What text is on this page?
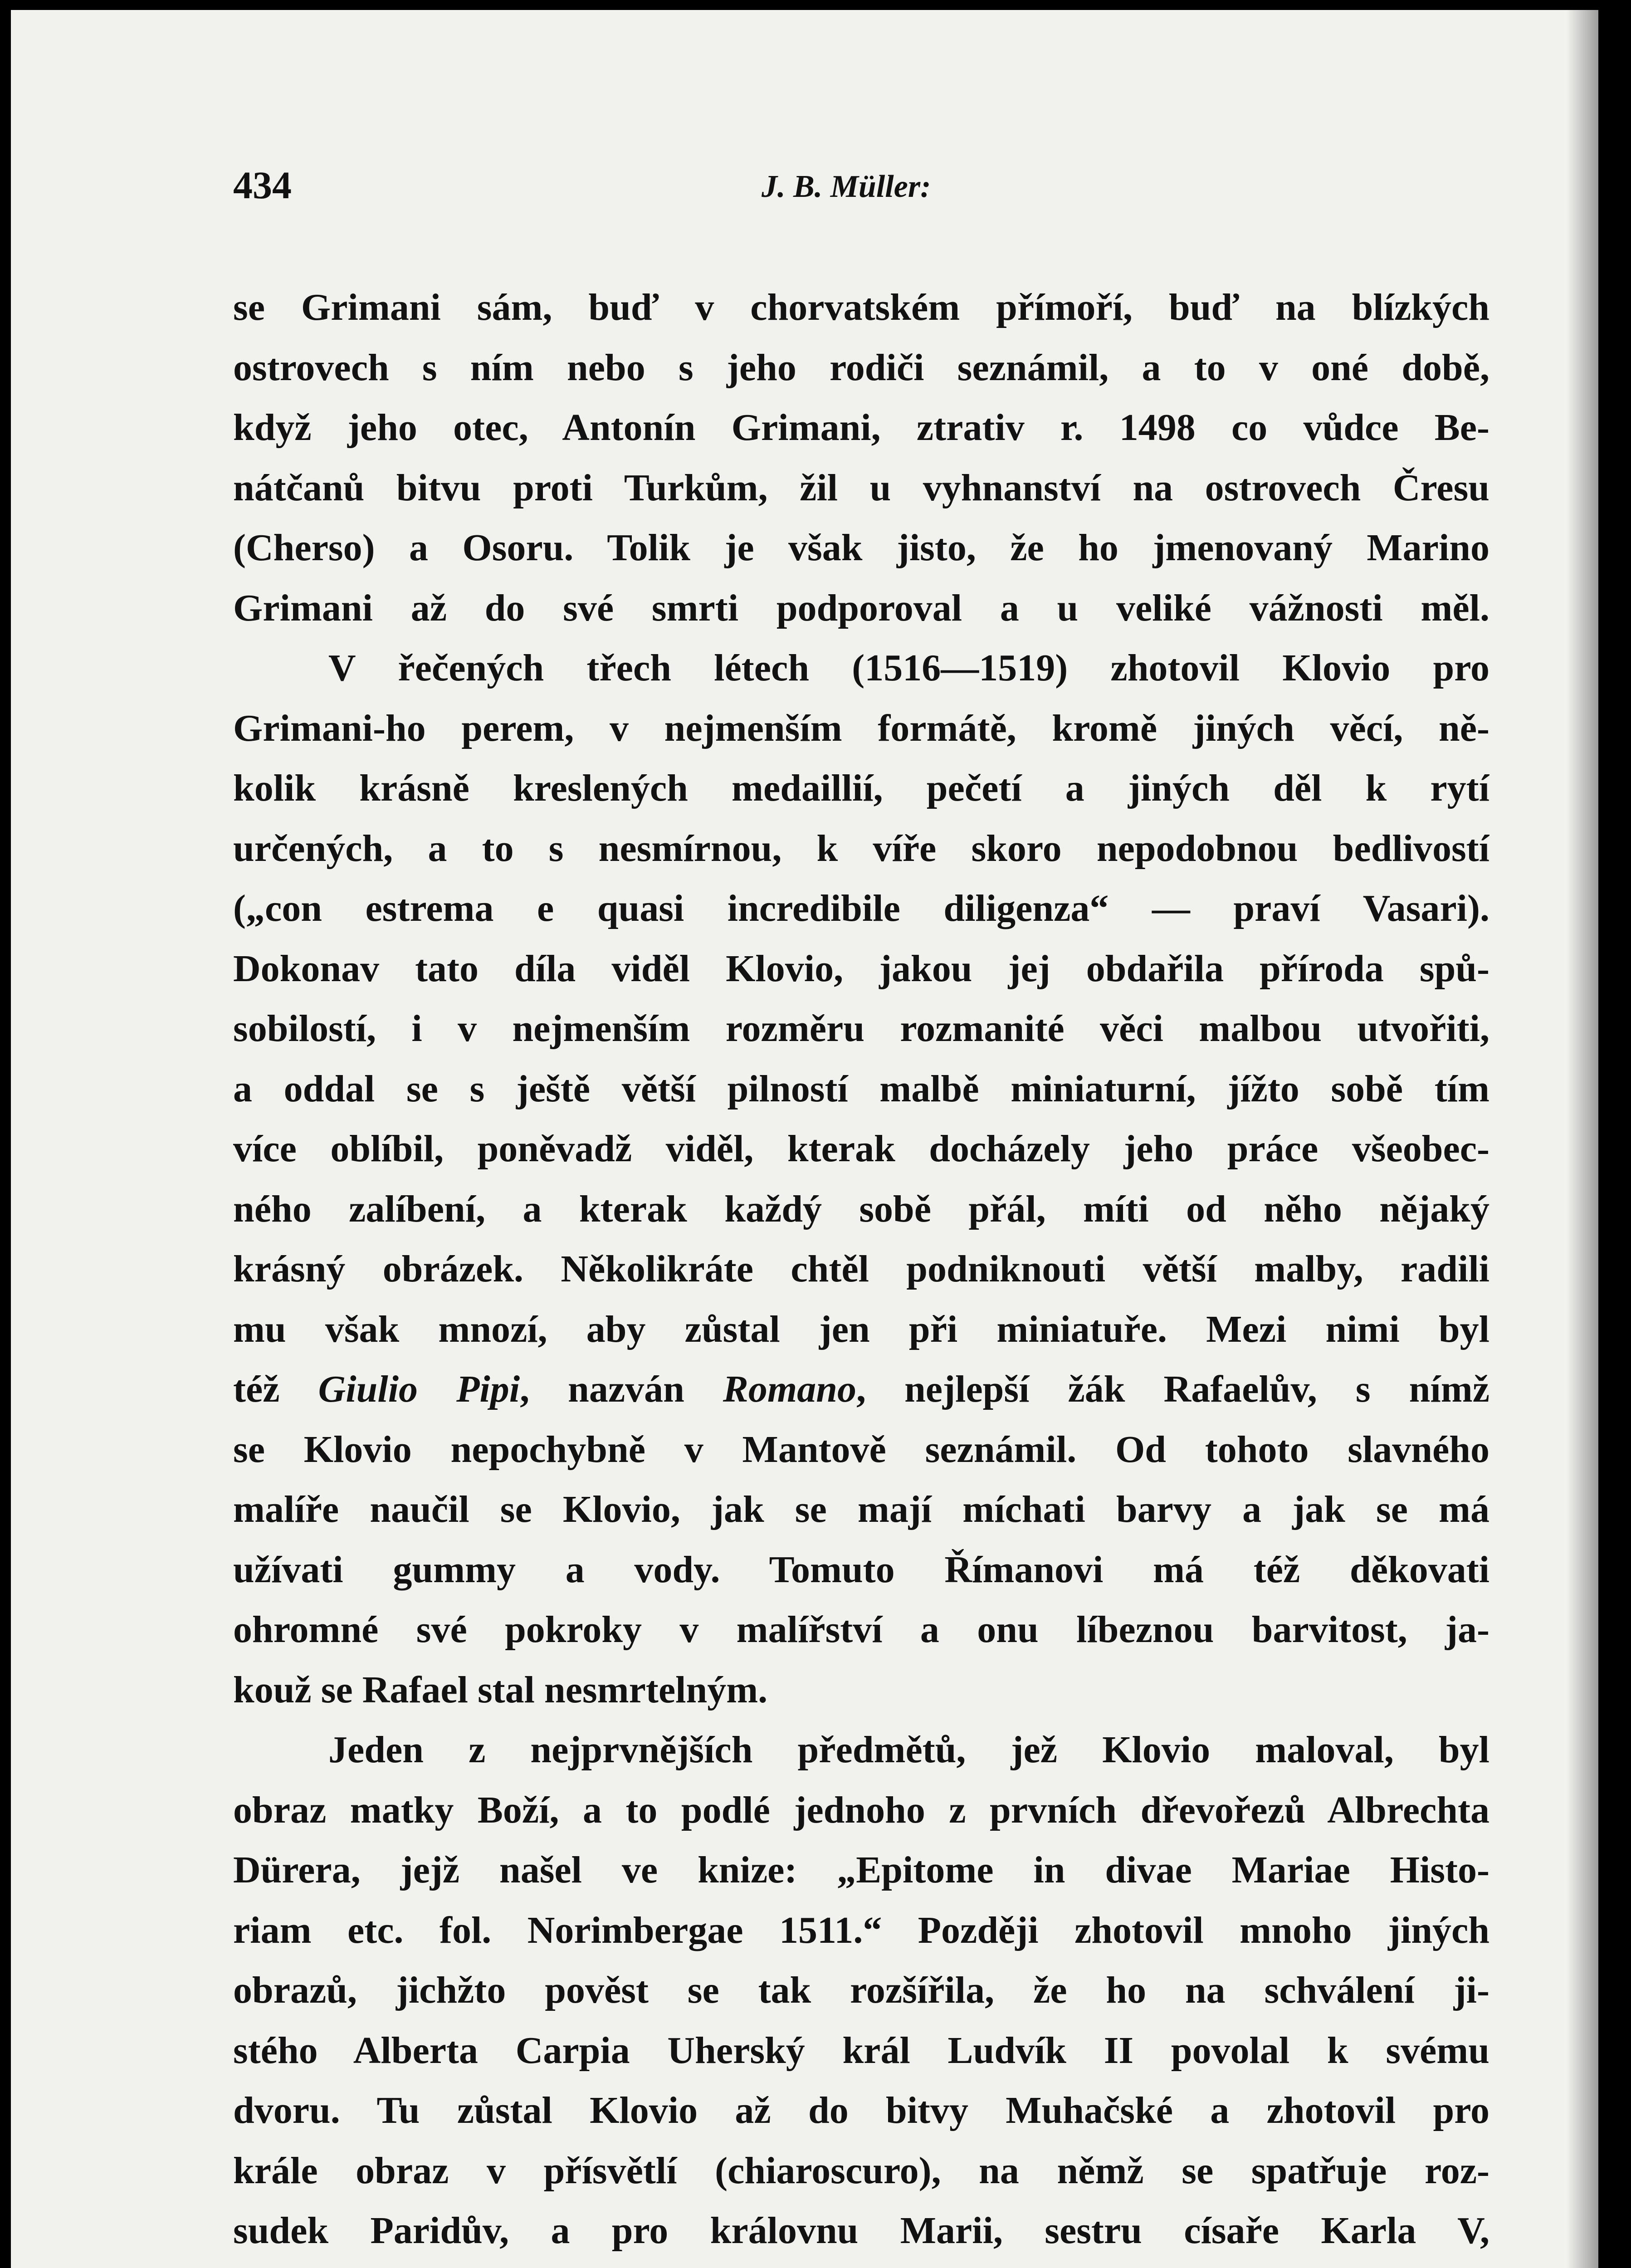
434	J. B. Müller:
se Grimani sám, buď v chorvatském přímoří, buď na blízkých
ostrovech s ním nebo s jeho rodiči seznámil, a to v oné době,
když jeho otec, Antonín Grimani, ztrativ r. 1498 co vůdce Be-
nátčanů bitvu proti Turkům, žil u vyhnanství na ostrovech Čresu
(Cherso) a Osoru. Tolik je však jisto, že ho jmenovaný Marino
Grimani až do své smrti podporoval a u veliké vážnosti měl.
V řečených třech létech (1516—1519) zhotovil Klovio pro
Grimani-ho perem, v nejmenším formátě, kromě jiných věcí, ně-
kolik krásně kreslených medaillií, pečetí a jiných děl k rytí
určených, a to s nesmírnou, k víře skoro nepodobnou bedlivostí
(„con estrema e quasi incredibile diligenza“ — praví Vasari).
Dokonav tato díla viděl Klovio, jakou jej obdařila příroda spů-
sobilostí, i v nejmenším rozměru rozmanité věci malbou utvořiti,
a oddal se s ještě větší pilností malbě miniaturní, jížto sobě tím
více oblíbil, poněvadž viděl, kterak docházely jeho práce všeobec-
ného zalíbení, a kterak každý sobě přál, míti od něho nějaký
krásný obrázek. Několikráte chtěl podniknouti větší malby, radili
mu však mnozí, aby zůstal jen při miniatuře. Mezi nimi byl
též Giulio Pipi, nazván Romano, nejlepší žák Rafaelův, s nímž
se Klovio nepochybně v Mantově seznámil. Od tohoto slavného
malíře naučil se Klovio, jak se mají míchati barvy a jak se má
užívati gummy a vody. Tomuto Římanovi má též děkovati
ohromné své pokroky v malířství a onu líbeznou barvitost, ja-
kouž se Rafael stal nesmrtelným.
Jeden z nejprvnějších předmětů, jež Klovio maloval, byl
obraz matky Boží, a to podlé jednoho z prvních dřevořezů Albrechta
Dürera, jejž našel ve knize: „Epitome in divae Mariae Histo-
riam etc. fol. Norimbergae 1511.“ Později zhotovil mnoho jiných
obrazů, jichžto pověst se tak rozšířila, že ho na schválení ji-
stého Alberta Carpia Uherský král Ludvík II povolal k svému
dvoru. Tu zůstal Klovio až do bitvy Muhačské a zhotovil pro
krále obraz v přísvětlí (chiaroscuro), na němž se spatřuje roz-
sudek Paridův, a pro královnu Marii, sestru císaře Karla V,
